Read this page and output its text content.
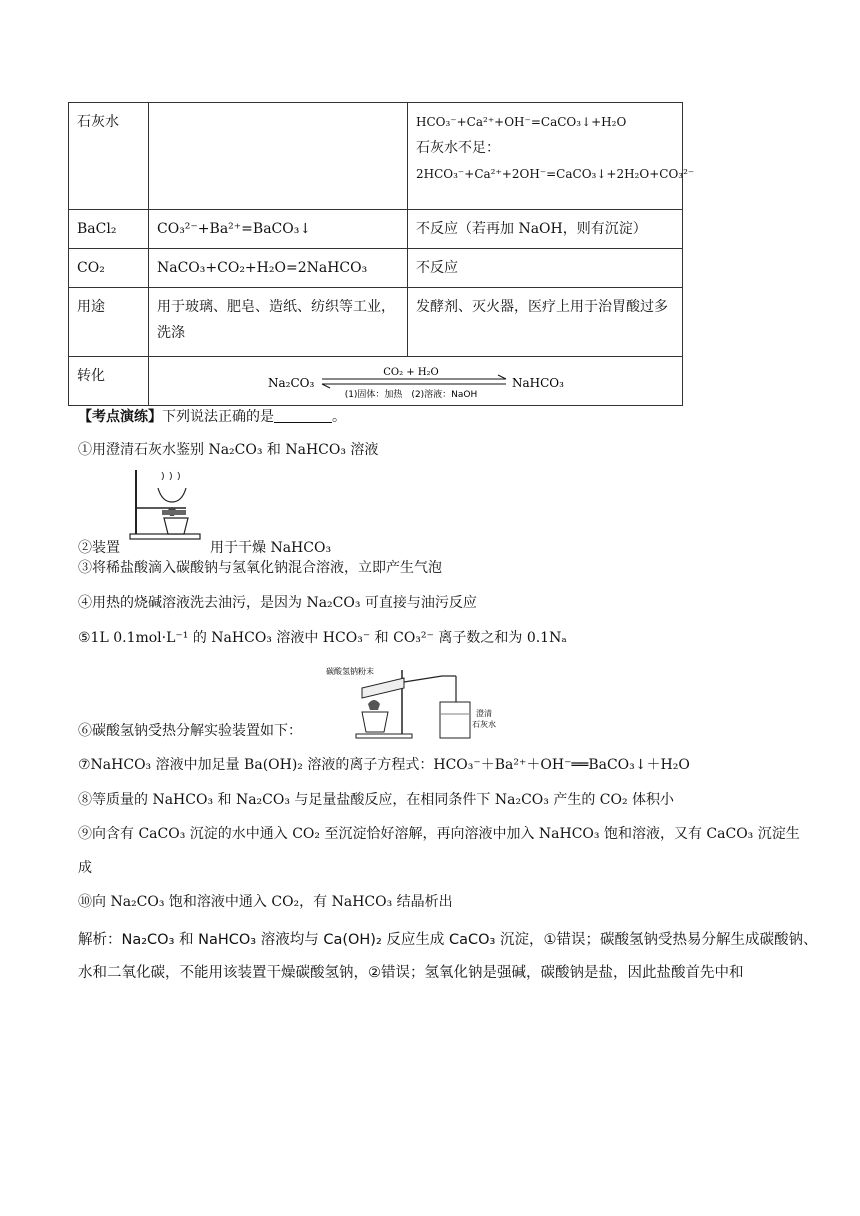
石灰水		HCO₃⁻+Ca²⁺+OH⁻=CaCO₃↓+H₂O
石灰水不足：
2HCO₃⁻+Ca²⁺+2OH⁻=CaCO₃↓+2H₂O+CO₃²⁻

BaCl₂	CO₃²⁻+Ba²⁺=BaCO₃↓	不反应（若再加 NaOH，则有沉淀）
CO₂	NaCO₃+CO₂+H₂O=2NaHCO₃	不反应
用途	用于玻璃、肥皂、造纸、纺织等工业，洗涤	发酵剂、灭火器，医疗上用于治胃酸过多
转化	Na₂CO₃ NaHCO₃
CO₂ + H₂O
(1)固体：加热　(2)溶液：NaOH	
【考点演练】下列说法正确的是	。
①用澄清石灰水鉴别 Na₂CO₃ 和 NaHCO₃ 溶液
②装置	用于干燥 NaHCO₃
③将稀盐酸滴入碳酸钠与氢氧化钠混合溶液，立即产生气泡
④用热的烧碱溶液洗去油污，是因为 Na₂CO₃ 可直接与油污反应
⑤1L 0.1mol·L⁻¹ 的 NaHCO₃ 溶液中 HCO₃⁻ 和 CO₃²⁻ 离子数之和为 0.1Nₐ
碳酸氢钠粉末
澄清
石灰水
⑥碳酸氢钠受热分解实验装置如下：
⑦NaHCO₃ 溶液中加足量 Ba(OH)₂ 溶液的离子方程式：HCO₃⁻＋Ba²⁺＋OH⁻══BaCO₃↓＋H₂O
⑧等质量的 NaHCO₃ 和 Na₂CO₃ 与足量盐酸反应，在相同条件下 Na₂CO₃ 产生的 CO₂ 体积小
⑨向含有 CaCO₃ 沉淀的水中通入 CO₂ 至沉淀恰好溶解，再向溶液中加入 NaHCO₃ 饱和溶液，又有 CaCO₃ 沉淀生
成
⑩向 Na₂CO₃ 饱和溶液中通入 CO₂，有 NaHCO₃ 结晶析出
解析：Na₂CO₃ 和 NaHCO₃ 溶液均与 Ca(OH)₂ 反应生成 CaCO₃ 沉淀，①错误；碳酸氢钠受热易分解生成碳酸钠、
水和二氧化碳，不能用该装置干燥碳酸氢钠，②错误；氢氧化钠是强碱，碳酸钠是盐，因此盐酸首先中和
